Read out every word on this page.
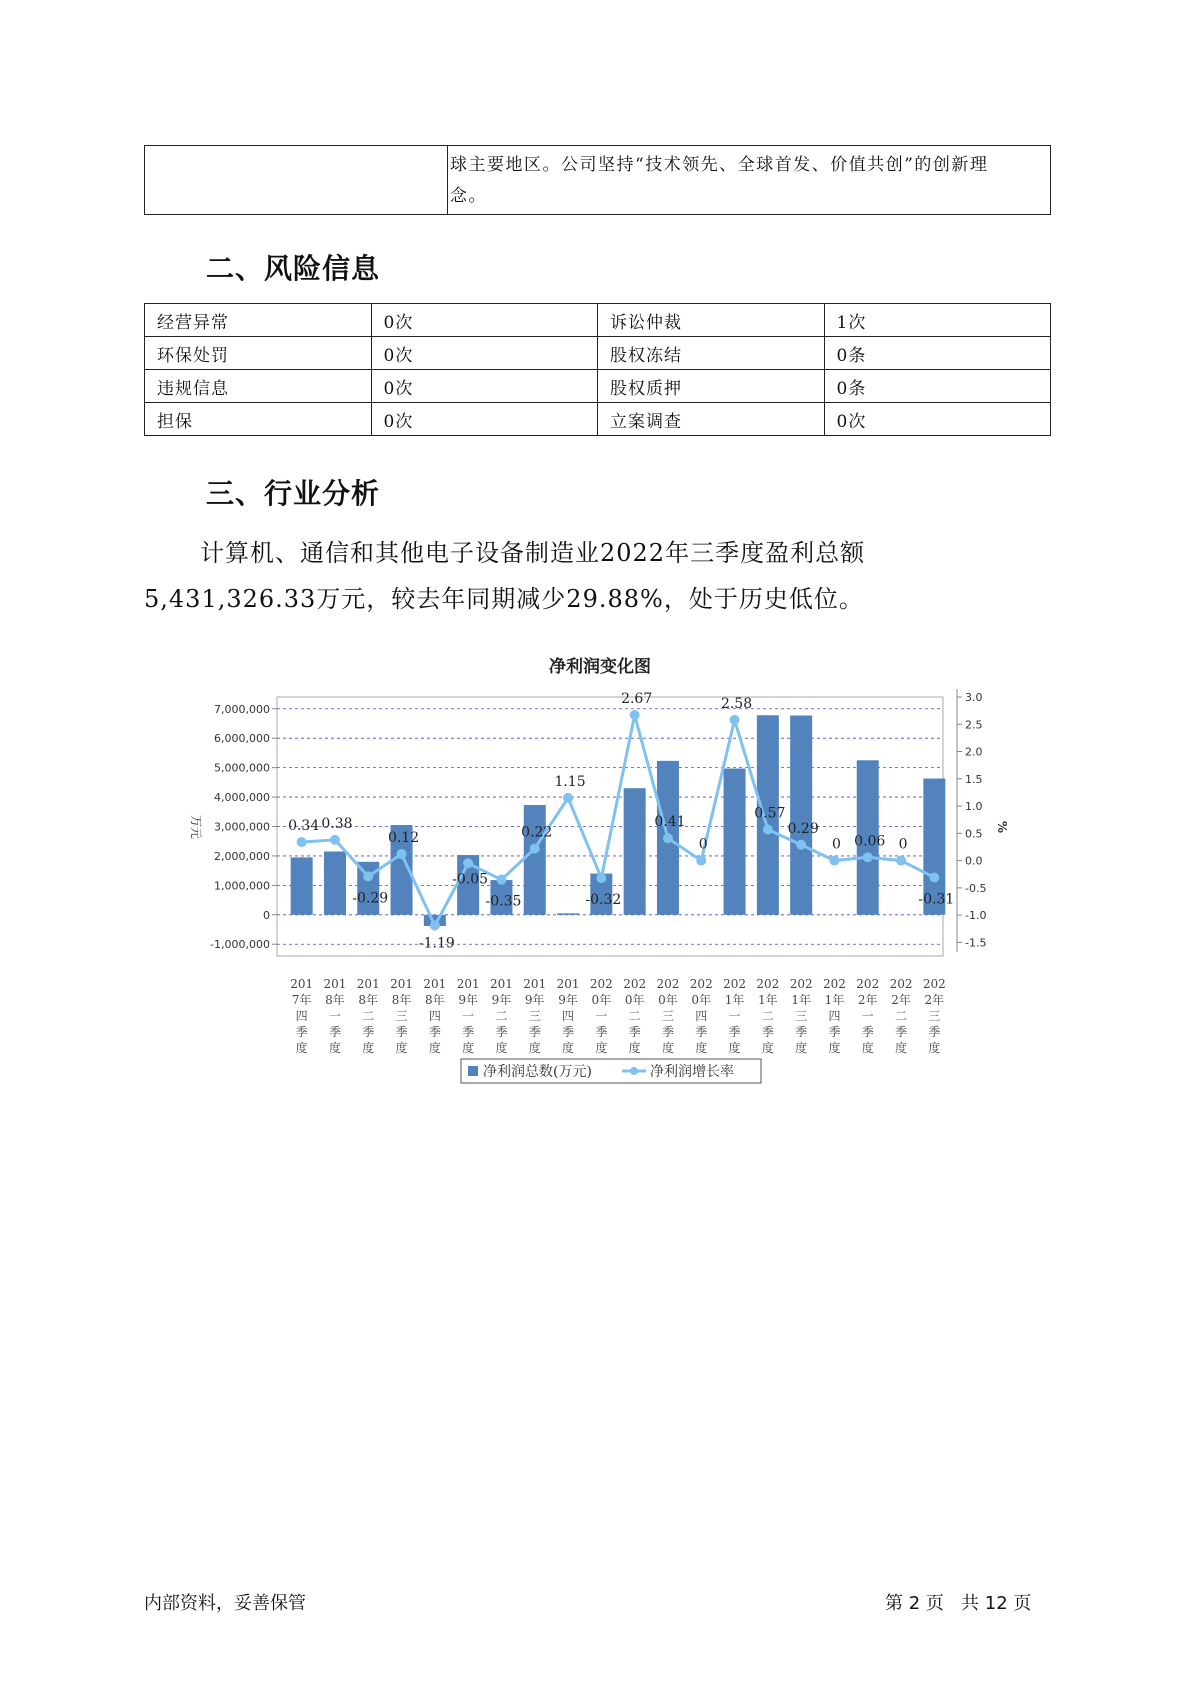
球主要地区。公司坚持“技术领先、全球首发、价值共创”的创新理
念。
二、风险信息
经营异常	0次	诉讼仲裁	1次
环保处罚	0次	股权冻结	0条
违规信息	0次	股权质押	0条
担保	0次	立案调查	0次
三、行业分析
计算机、通信和其他电子设备制造业2022年三季度盈利总额5,431,326.33万元，较去年同期减少29.88%，处于历史低位。
净利润变化图
7,000,000
6,000,000
5,000,000
4,000,000
3,000,000
2,000,000
1,000,000
0
-1,000,000
3.0
2.5
2.0
1.5
1.0
0.5
0.0
-0.5
-1.0
-1.5
万元	%
0.34 0.38
-0.29
0.12
-1.19
-0.05
-0.35
0.22
1.15
-0.32
2.67
0.41
0
2.58
0.57
0.29
0 0.06 0
-0.31
201
7年
四
季
度
201
8年
一
季
度
201
8年
二
季
度
201
8年
三
季
度
201
8年
四
季
度
201
9年
一
季
度
201
9年
二
季
度
201
9年
三
季
度
201
9年
四
季
度
202
0年
一
季
度
202
0年
二
季
度
202
0年
三
季
度
202
0年
四
季
度
202
1年
一
季
度
202
1年
二
季
度
202
1年
三
季
度
202
1年
四
季
度
202
2年
一
季
度
202
2年
二
季
度
202
2年
三
季
度
净利润总数(万元)	净利润增长率
内部资料，妥善保管	第 2 页   共 12 页
